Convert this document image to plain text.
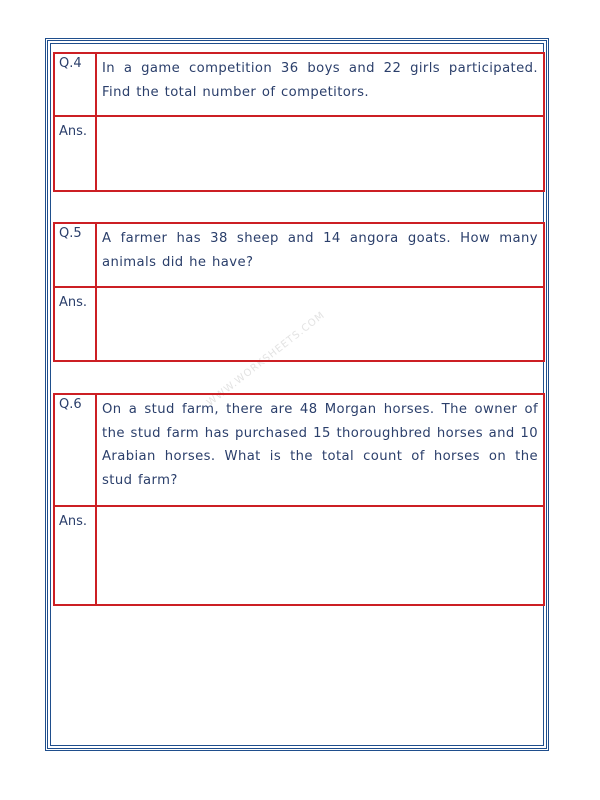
WWW.WORKSHEETS.COM
Q.4	In a game competition 36 boys and 22 girls participated. Find the total number of competitors.
Ans.
Q.5	A farmer has 38 sheep and 14 angora goats. How many animals did he have?
Ans.
Q.6	On a stud farm, there are 48 Morgan horses. The owner of the stud farm has purchased 15 thoroughbred horses and 10 Arabian horses. What is the total count of horses on the stud farm?
Ans.
